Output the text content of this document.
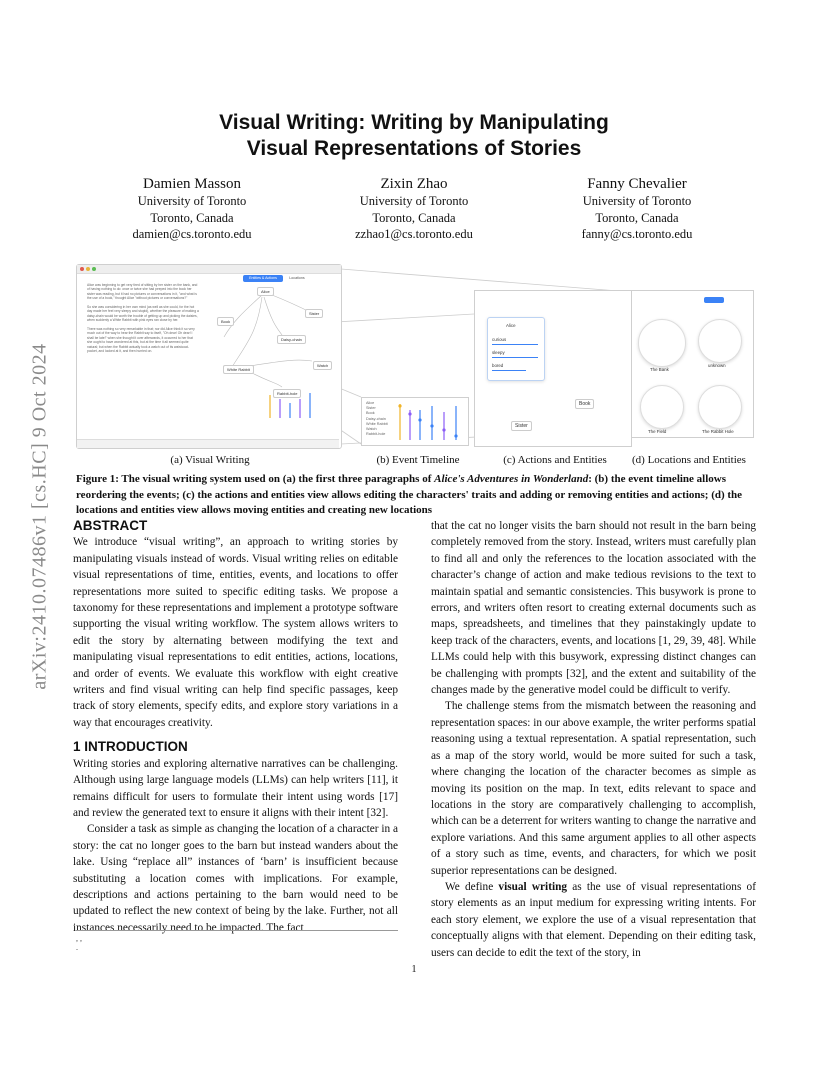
arXiv:2410.07486v1 [cs.HC] 9 Oct 2024
Visual Writing: Writing by Manipulating
Visual Representations of Stories
Damien Masson
University of Toronto
Toronto, Canada
damien@cs.toronto.edu
Zixin Zhao
University of Toronto
Toronto, Canada
zzhao1@cs.toronto.edu
Fanny Chevalier
University of Toronto
Toronto, Canada
fanny@cs.toronto.edu
Alice was beginning to get very tired of sitting by her sister on the bank, and of having nothing to do: once or twice she had peeped into the book her sister was reading, but it had no pictures or conversations in it, "and what is the use of a book," thought Alice "without pictures or conversations?"

So she was considering in her own mind (as well as she could, for the hot day made her feel very sleepy and stupid), whether the pleasure of making a daisy-chain would be worth the trouble of getting up and picking the daisies, when suddenly a White Rabbit with pink eyes ran close by her.

There was nothing so very remarkable in that; nor did Alice think it so very much out of the way to hear the Rabbit say to itself, "Oh dear! Oh dear! I shall be late!" when she thought it over afterwards, it occurred to her that she ought to have wondered at this, but at the time it all seemed quite natural; but when the Rabbit actually took a watch out of its waistcoat-pocket, and looked at it, and then hurried on.
Entities & Actions	Locations
Alice
Sister
Book
Daisy-chain
White Rabbit
Watch
Rabbit-hole
Alice
Sister
Book
Daisy-chain
White Rabbit
Watch
Rabbit-hole
Alice
curious
sleepy
bored
Book
Sister
The Bank
unknown
The Field	The Rabbit Hole
(a) Visual Writing	(b) Event Timeline	(c) Actions and Entities	(d) Locations and Entities
Figure 1: The visual writing system used on (a) the first three paragraphs of Alice's Adventures in Wonderland: (b) the event timeline allows reordering the events; (c) the actions and entities view allows editing the characters' traits and adding or removing entities and actions; (d) the locations and entities view allows moving entities and creating new locations

ABSTRACT

We introduce “visual writing”, an approach to writing stories by manipulating visuals instead of words. Visual writing relies on editable visual representations of time, entities, events, and locations to offer representations more suited to specific editing tasks. We propose a taxonomy for these representations and implement a prototype software supporting the visual writing workflow. The system allows writers to edit the story by alternating between modifying the text and manipulating visual representations to edit entities, actions, locations, and order of events. We evaluate this workflow with eight creative writers and find visual writing can help find specific passages, keep track of story elements, specify edits, and explore story variations in a way that encourages creativity.

1 INTRODUCTION

Writing stories and exploring alternative narratives can be challenging. Although using large language models (LLMs) can help writers [11], it remains difficult for users to formulate their intent using words [17] and review the generated text to ensure it aligns with their intent [32].

Consider a task as simple as changing the location of a character in a story: the cat no longer goes to the barn but instead wanders about the lake. Using “replace all” instances of ‘barn’ is insufficient because substituting a location comes with implications. For example, descriptions and actions pertaining to the barn would need to be updated to reflect the new context of being by the lake. Further, not all instances necessarily need to be impacted. The fact

that the cat no longer visits the barn should not result in the barn being completely removed from the story. Instead, writers must carefully plan to find all and only the references to the location associated with the character’s change of action and make tedious revisions to the text to maintain spatial and semantic consistencies. This busywork is prone to errors, and writers often resort to creating external documents such as maps, spreadsheets, and timelines that they painstakingly update to keep track of the characters, events, and locations [1, 29, 39, 48]. While LLMs could help with this busywork, expressing distinct changes can be challenging with prompts [32], and the extent and suitability of the changes made by the generative model could be difficult to verify.

The challenge stems from the mismatch between the reasoning and representation spaces: in our above example, the writer performs spatial reasoning using a textual representation. A spatial representation, such as a map of the story world, would be more suited for such a task, where changing the location of the character becomes as simple as moving its position on the map. In text, edits relevant to space and locations in the story are comparatively challenging to accomplish, which can be a deterrent for writers wanting to change the narrative and explore variations. And this same argument applies to all other aspects of a story such as time, events, and characters, for which we posit superior representations can be designed.

We define visual writing as the use of visual representations of story elements as an input medium for expressing writing intents. For each story element, we explore the use of a visual representation that conceptually aligns with that element. Depending on their editing task, users can decide to edit the text of the story, in

, ,
.
1
